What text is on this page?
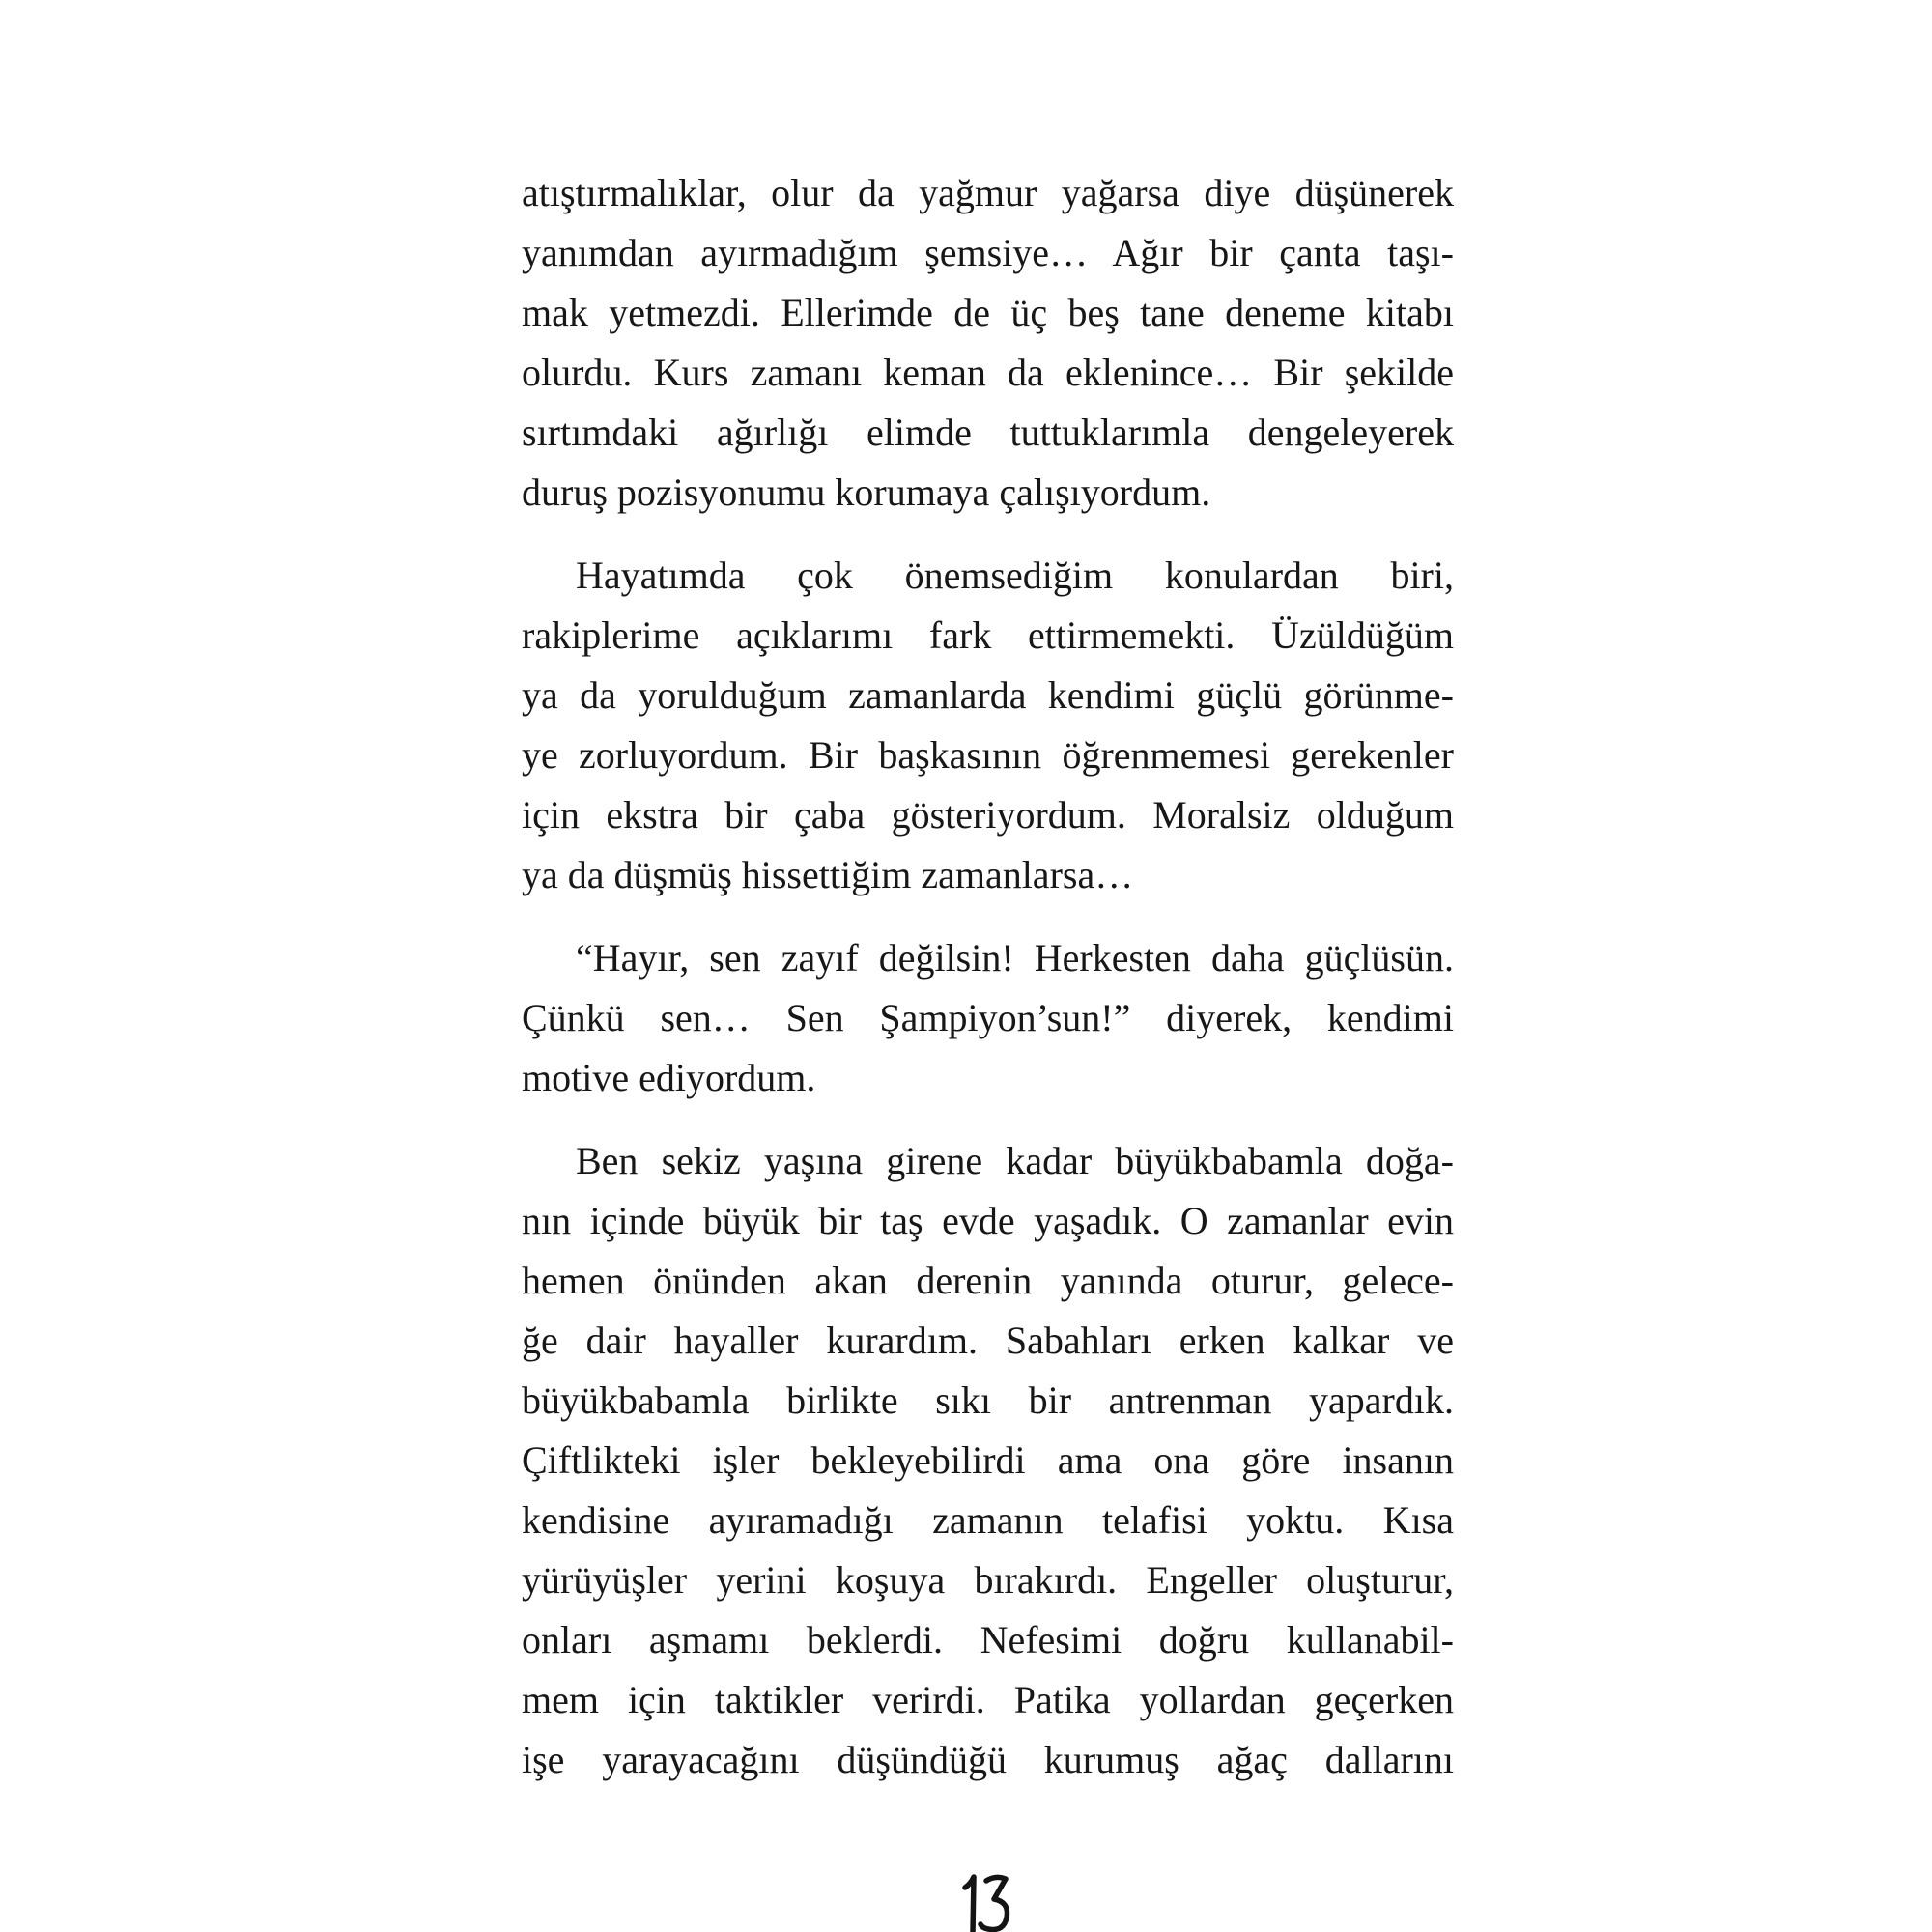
atıştırmalıklar, olur da yağmur yağarsa diye düşünerek
yanımdan ayırmadığım şemsiye… Ağır bir çanta taşı-
mak yetmezdi. Ellerimde de üç beş tane deneme kitabı
olurdu. Kurs zamanı keman da eklenince… Bir şekilde
sırtımdaki ağırlığı elimde tuttuklarımla dengeleyerek
duruş pozisyonumu korumaya çalışıyordum.
Hayatımda çok önemsediğim konulardan biri,
rakiplerime açıklarımı fark ettirmemekti. Üzüldüğüm
ya da yorulduğum zamanlarda kendimi güçlü görünme-
ye zorluyordum. Bir başkasının öğrenmemesi gerekenler
için ekstra bir çaba gösteriyordum. Moralsiz olduğum
ya da düşmüş hissettiğim zamanlarsa…
“Hayır, sen zayıf değilsin! Herkesten daha güçlüsün.
Çünkü sen… Sen Şampiyon’sun!” diyerek, kendimi
motive ediyordum.
Ben sekiz yaşına girene kadar büyükbabamla doğa-
nın içinde büyük bir taş evde yaşadık. O zamanlar evin
hemen önünden akan derenin yanında oturur, gelece-
ğe dair hayaller kurardım. Sabahları erken kalkar ve
büyükbabamla birlikte sıkı bir antrenman yapardık.
Çiftlikteki işler bekleyebilirdi ama ona göre insanın
kendisine ayıramadığı zamanın telafisi yoktu. Kısa
yürüyüşler yerini koşuya bırakırdı. Engeller oluşturur,
onları aşmamı beklerdi. Nefesimi doğru kullanabil-
mem için taktikler verirdi. Patika yollardan geçerken
işe yarayacağını düşündüğü kurumuş ağaç dallarını
